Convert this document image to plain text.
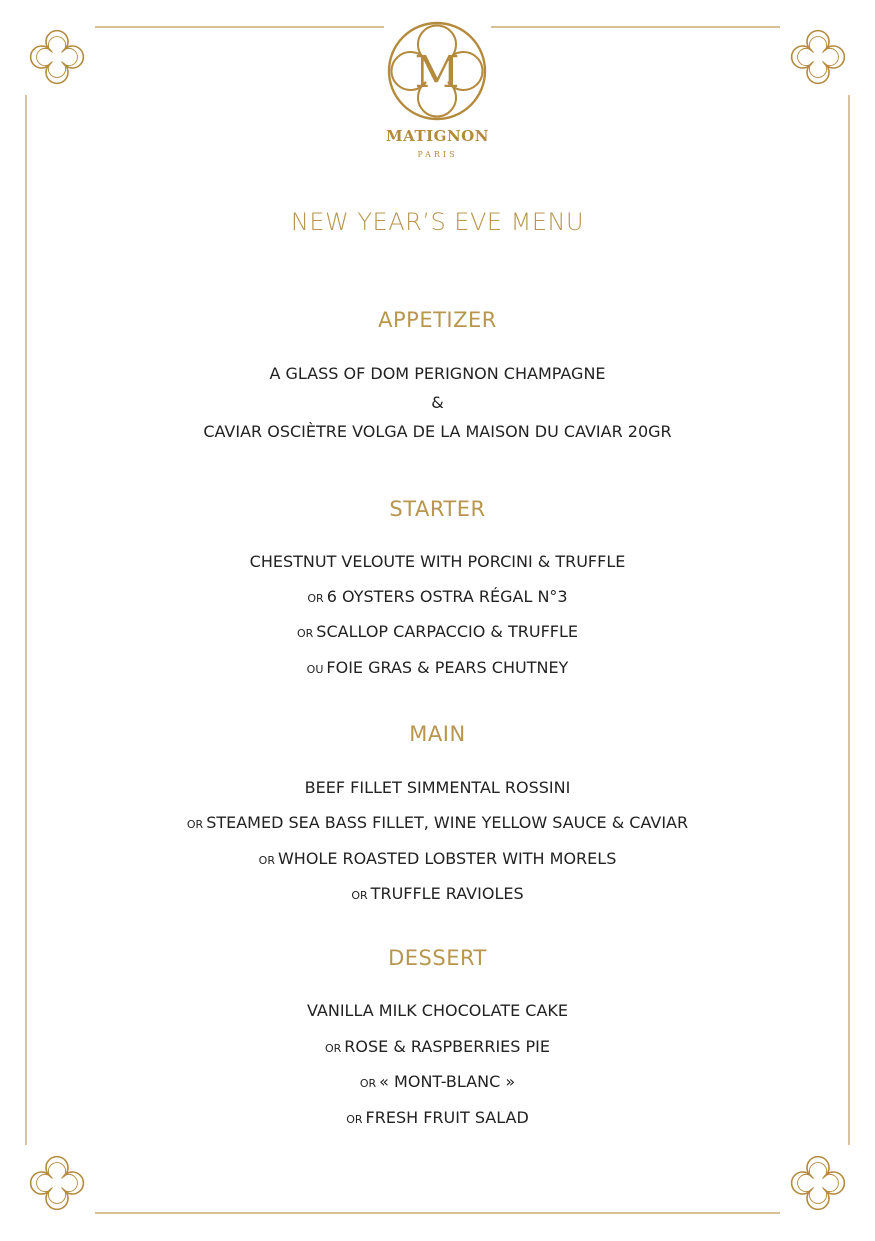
M
MATIGNON
PARIS
NEW YEAR’S EVE MENU
APPETIZER
A GLASS OF DOM PERIGNON CHAMPAGNE
&
CAVIAR OSCIÈTRE VOLGA DE LA MAISON DU CAVIAR 20GR
STARTER
CHESTNUT VELOUTE WITH PORCINI & TRUFFLE
OR 6 OYSTERS OSTRA RÉGAL N°3
OR SCALLOP CARPACCIO & TRUFFLE
OU FOIE GRAS & PEARS CHUTNEY
MAIN
BEEF FILLET SIMMENTAL ROSSINI
OR STEAMED SEA BASS FILLET, WINE YELLOW SAUCE & CAVIAR
OR WHOLE ROASTED LOBSTER WITH MORELS
OR TRUFFLE RAVIOLES
DESSERT
VANILLA MILK CHOCOLATE CAKE
OR ROSE & RASPBERRIES PIE
OR « MONT-BLANC »
OR FRESH FRUIT SALAD
